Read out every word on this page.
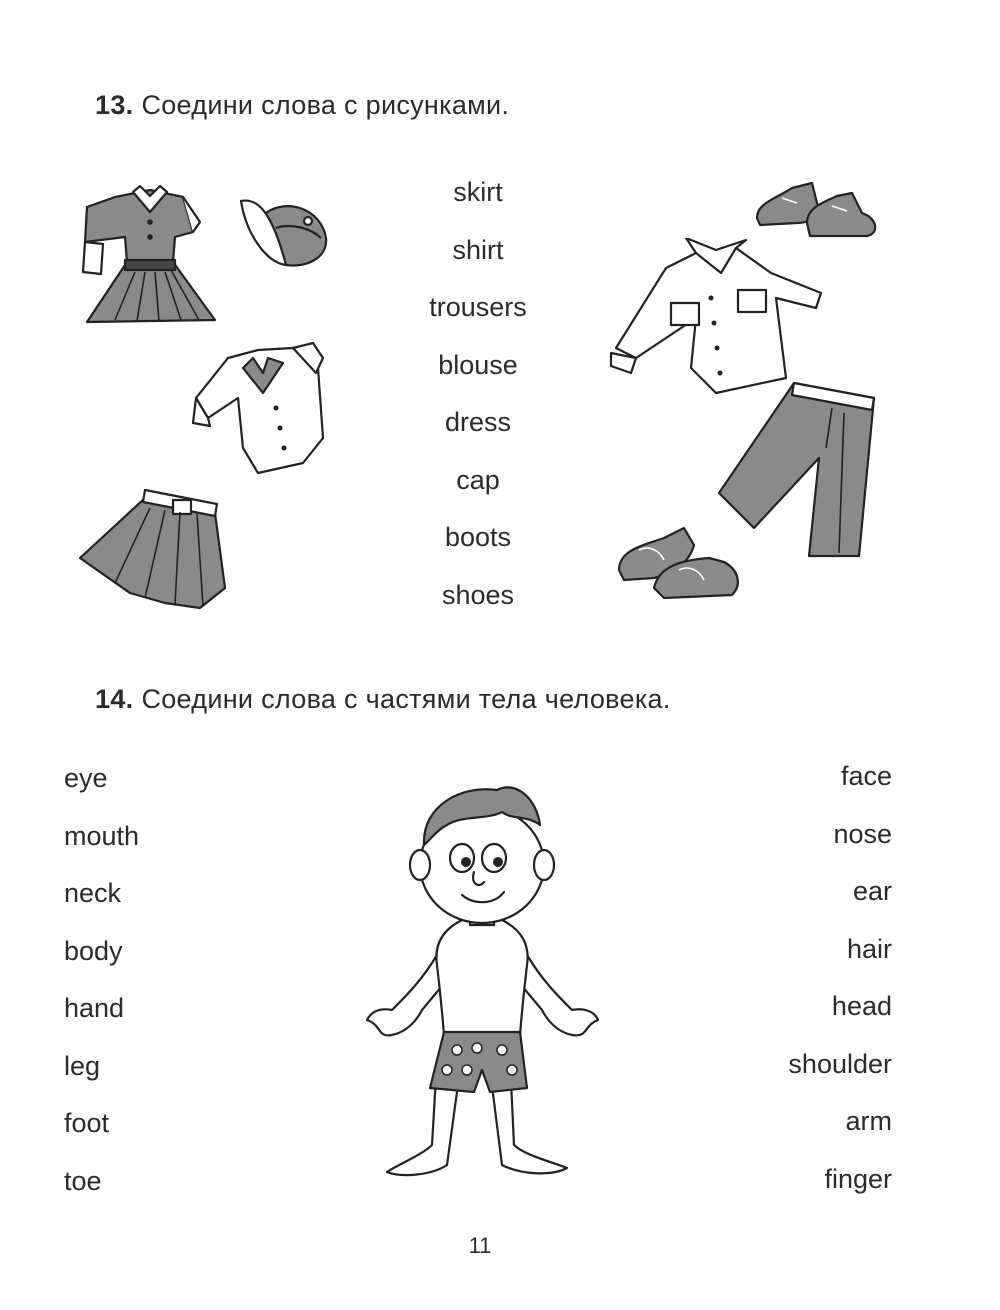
13. Соедини слова с рисунками.
skirt
shirt
trousers
blouse
dress
cap
boots
shoes
14. Соедини слова с частями тела человека.
eye
mouth
neck
body
hand
leg
foot
toe
face
nose
ear
hair
head
shoulder
arm
finger
11
